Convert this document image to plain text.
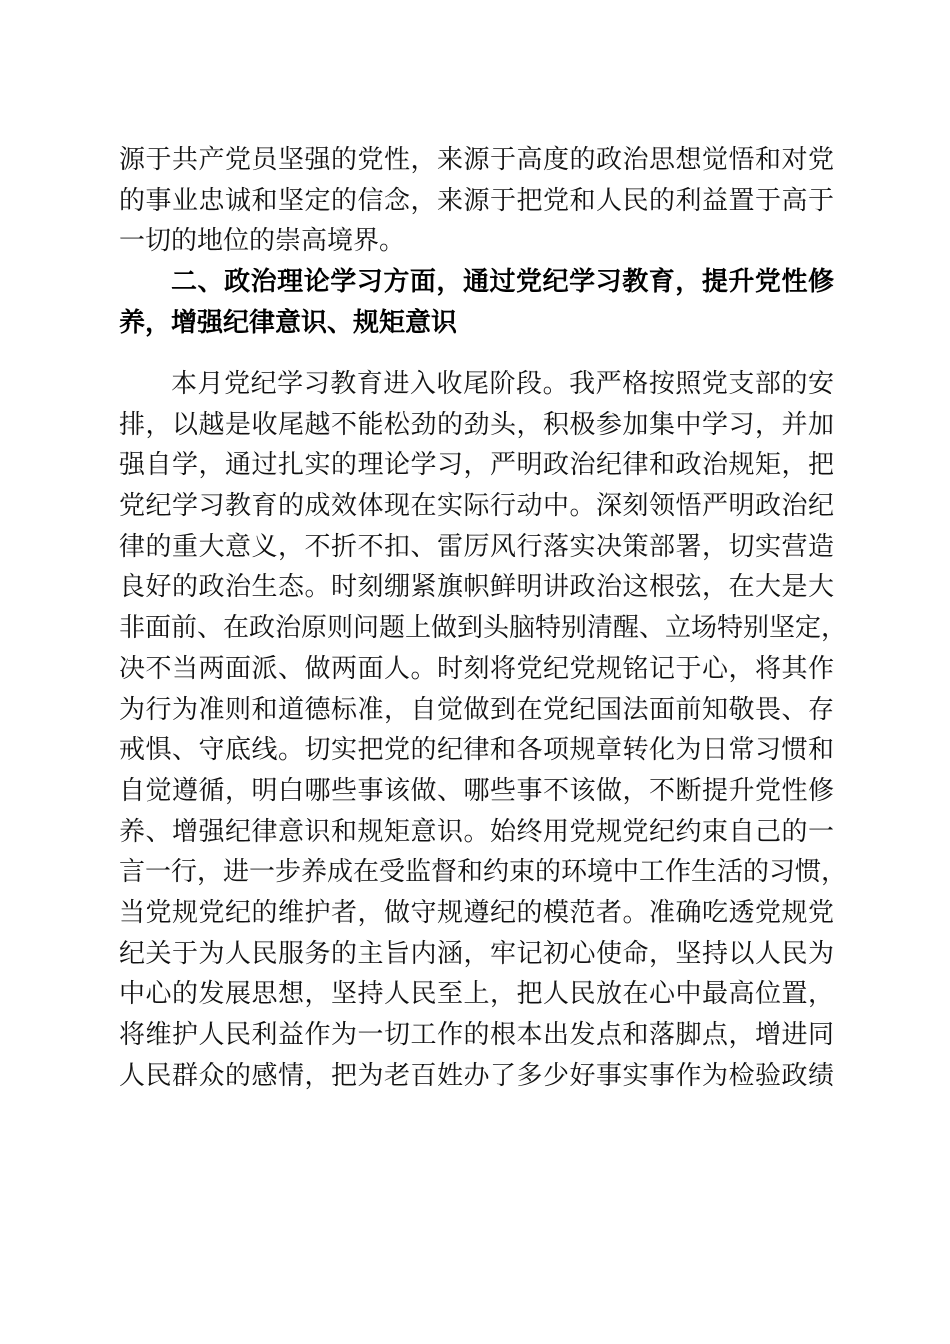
源于共产党员坚强的党性，来源于高度的政治思想觉悟和对党
的事业忠诚和坚定的信念，来源于把党和人民的利益置于高于
一切的地位的崇高境界。
二、政治理论学习方面，通过党纪学习教育，提升党性修
养，增强纪律意识、规矩意识
本月党纪学习教育进入收尾阶段。我严格按照党支部的安
排，以越是收尾越不能松劲的劲头，积极参加集中学习，并加
强自学，通过扎实的理论学习，严明政治纪律和政治规矩，把
党纪学习教育的成效体现在实际行动中。深刻领悟严明政治纪
律的重大意义，不折不扣、雷厉风行落实决策部署，切实营造
良好的政治生态。时刻绷紧旗帜鲜明讲政治这根弦，在大是大
非面前、在政治原则问题上做到头脑特别清醒、立场特别坚定，
决不当两面派、做两面人。时刻将党纪党规铭记于心，将其作
为行为准则和道德标准，自觉做到在党纪国法面前知敬畏、存
戒惧、守底线。切实把党的纪律和各项规章转化为日常习惯和
自觉遵循，明白哪些事该做、哪些事不该做，不断提升党性修
养、增强纪律意识和规矩意识。始终用党规党纪约束自己的一
言一行，进一步养成在受监督和约束的环境中工作生活的习惯，
当党规党纪的维护者，做守规遵纪的模范者。准确吃透党规党
纪关于为人民服务的主旨内涵，牢记初心使命，坚持以人民为
中心的发展思想，坚持人民至上，把人民放在心中最高位置，
将维护人民利益作为一切工作的根本出发点和落脚点，增进同
人民群众的感情，把为老百姓办了多少好事实事作为检验政绩
